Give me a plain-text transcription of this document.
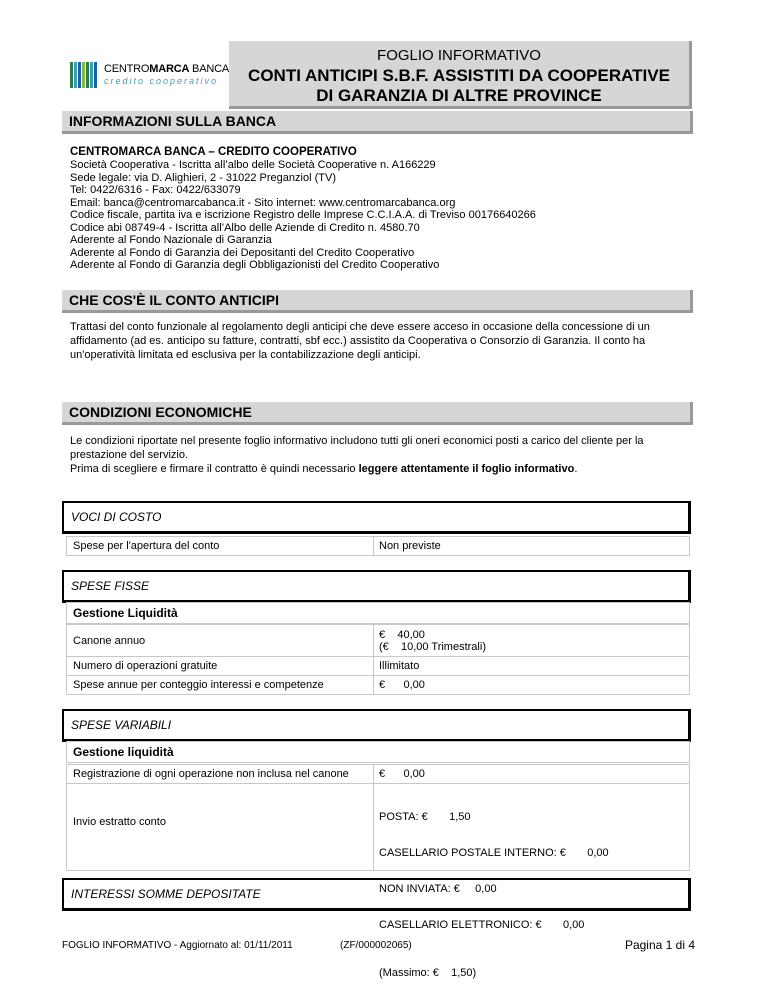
CENTROMARCA BANCA
credito cooperativo
FOGLIO INFORMATIVO
CONTI ANTICIPI S.B.F. ASSISTITI DA COOPERATIVE
DI GARANZIA DI ALTRE PROVINCE
INFORMAZIONI SULLA BANCA
CENTROMARCA BANCA – CREDITO COOPERATIVO
Società Cooperativa - Iscritta all’albo delle Società Cooperative n. A166229
Sede legale: via D. Alighieri, 2 - 31022 Preganziol (TV)
Tel: 0422/6316 - Fax: 0422/633079
Email: banca@centromarcabanca.it - Sito internet: www.centromarcabanca.org
Codice fiscale, partita iva e iscrizione Registro delle Imprese C.C.I.A.A. di Treviso 00176640266
Codice abi 08749-4 - Iscritta all’Albo delle Aziende di Credito n. 4580.70
Aderente al Fondo Nazionale di Garanzia
Aderente al Fondo di Garanzia dei Depositanti del Credito Cooperativo
Aderente al Fondo di Garanzia degli Obbligazionisti del Credito Cooperativo
CHE COS'È IL CONTO ANTICIPI
Trattasi del conto funzionale al regolamento degli anticipi che deve essere acceso in occasione della concessione di un affidamento (ad es. anticipo su fatture, contratti, sbf ecc.) assistito da Cooperativa o Consorzio di Garanzia. Il conto ha un'operatività limitata ed esclusiva per la contabilizzazione degli anticipi.
CONDIZIONI ECONOMICHE
Le condizioni riportate nel presente foglio informativo includono tutti gli oneri economici posti a carico del cliente per la prestazione del servizio.
Prima di scegliere e firmare il contratto è quindi necessario leggere attentamente il foglio informativo.
VOCI DI COSTO
Spese per l'apertura del conto	Non previste
SPESE FISSE
Gestione Liquidità
Canone annuo	€    40,00
(€    10,00 Trimestrali)
Numero di operazioni gratuite	Illimitato
Spese annue per conteggio interessi e competenze	€      0,00
SPESE VARIABILI
Gestione liquidità
Registrazione di ogni operazione non inclusa nel canone	€      0,00
Invio estratto conto

	POSTA: €       1,50

CASELLARIO POSTALE INTERNO: €       0,00

NON INVIATA: €     0,00

CASELLARIO ELETTRONICO: €       0,00

(Massimo: €    1,50)

INTERESSI SOMME DEPOSITATE
FOGLIO INFORMATIVO - Aggiornato al: 01/11/2011	(ZF/000002065)	Pagina 1 di 4
